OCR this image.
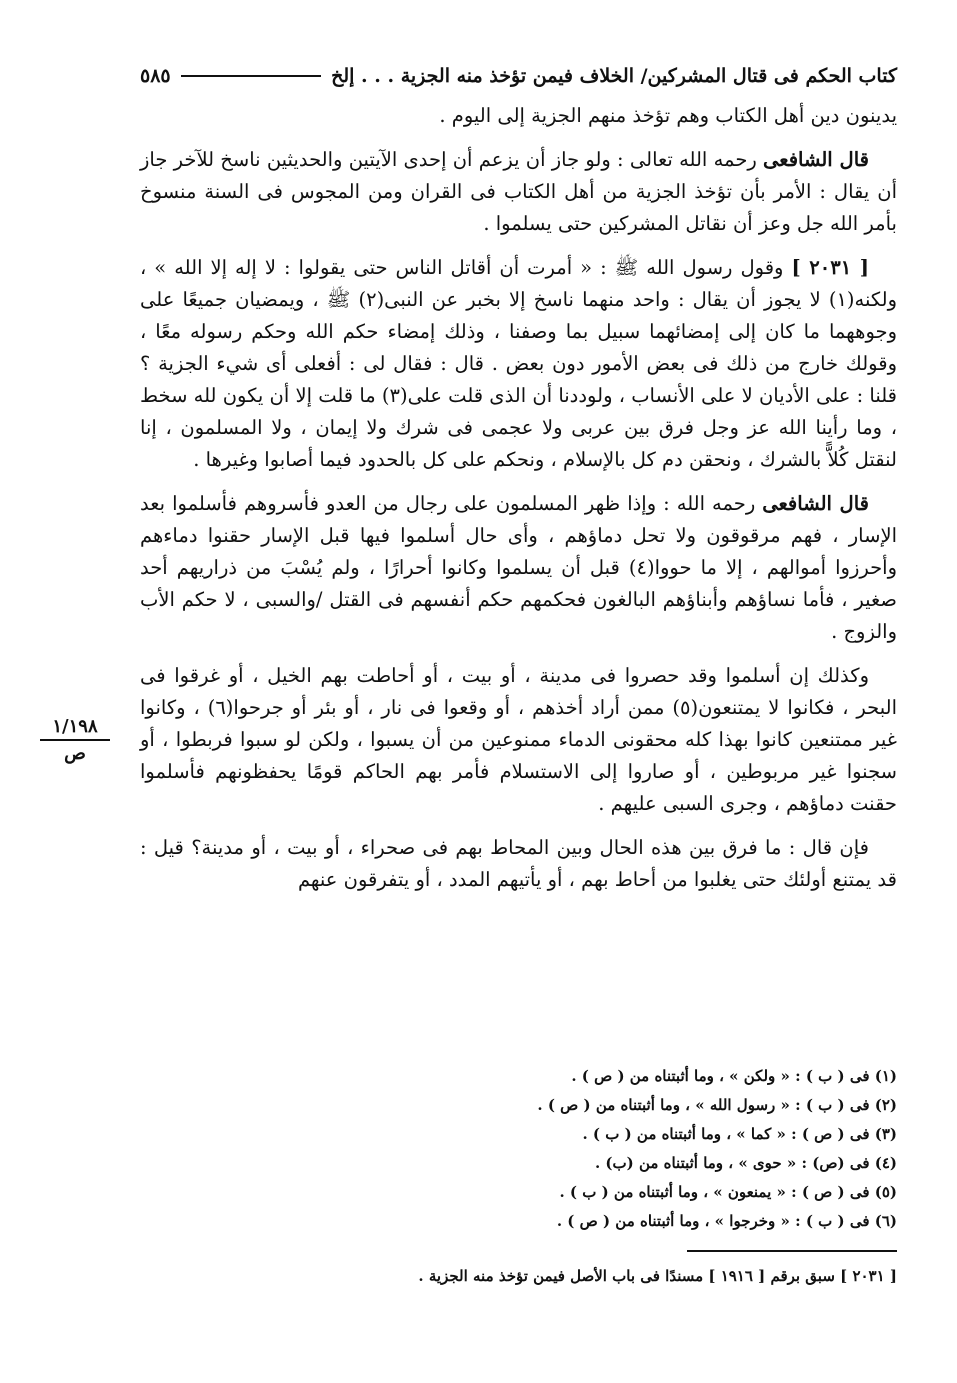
كتاب الحكم فى قتال المشركين/ الخلاف فيمن تؤخذ منه الجزية . . . إلخ
٥٨٥

يدينون دين أهل الكتاب وهم تؤخذ منهم الجزية إلى اليوم .

قال الشافعى رحمه الله تعالى : ولو جاز أن يزعم أن إحدى الآيتين والحديثين ناسخ للآخر جاز أن يقال : الأمر بأن تؤخذ الجزية من أهل الكتاب فى القران ومن المجوس فى السنة منسوخ بأمر الله جل وعز أن نقاتل المشركين حتى يسلموا .

[ ٢٠٣١ ] وقول رسول الله ﷺ : « أمرت أن أقاتل الناس حتى يقولوا : لا إله إلا الله » ، ولكنه(١) لا يجوز أن يقال : واحد منهما ناسخ إلا بخبر عن النبى(٢) ﷺ ، ويمضيان جميعًا على وجوههما ما كان إلى إمضائهما سبيل بما وصفنا ، وذلك إمضاء حكم الله وحكم رسوله معًا ، وقولك خارج من ذلك فى بعض الأمور دون بعض . قال : فقال لى : أفعلى أى شيء الجزية ؟ قلنا : على الأديان لا على الأنساب ، ولوددنا أن الذى قلت على(٣) ما قلت إلا أن يكون لله سخط ، وما رأينا الله عز وجل فرق بين عربى ولا عجمى فى شرك ولا إيمان ، ولا المسلمون ، إنا لنقتل كُلاًّ بالشرك ، ونحقن دم كل بالإسلام ، ونحكم على كل بالحدود فيما أصابوا وغيرها .

قال الشافعى رحمه الله : وإذا ظهر المسلمون على رجال من العدو فأسروهم فأسلموا بعد الإسار ، فهم مرقوقون ولا تحل دماؤهم ، وأى حال أسلموا فيها قبل الإسار حقنوا دماءهم وأحرزوا أموالهم ، إلا ما حووا(٤) قبل أن يسلموا وكانوا أحرارًا ، ولم يُسْبَ من ذراريهم أحد صغير ، فأما نساؤهم وأبناؤهم البالغون فحكمهم حكم أنفسهم فى القتل /والسبى ، لا حكم الأب والزوج .

وكذلك إن أسلموا وقد حصروا فى مدينة ، أو بيت ، أو أحاطت بهم الخيل ، أو غرقوا فى البحر ، فكانوا لا يمتنعون(٥) ممن أراد أخذهم ، أو وقعوا فى نار ، أو بئر أو جرحوا(٦) ، وكانوا غير ممتنعين كانوا بهذا كله محقونى الدماء ممنوعين من أن يسبوا ، ولكن لو سبوا فربطوا ، أو سجنوا غير مربوطين ، أو صاروا إلى الاستسلام فأمر بهم الحاكم قومًا يحفظونهم فأسلموا حقنت دماؤهم ، وجرى السبى عليهم .

فإن قال : ما فرق بين هذه الحال وبين المحاط بهم فى صحراء ، أو بيت ، أو مدينة؟ قيل : قد يمتنع أولئك حتى يغلبوا من أحاط بهم ، أو يأتيهم المدد ، أو يتفرقون عنهم

١/١٩٨
ص
(١) فى ( ب ) : « ولكن » ، وما أثبتناه من ( ص ) .
(٢) فى ( ب ) : « رسول الله » ، وما أثبتناه من ( ص ) .
(٣) فى ( ص ) : « كما » ، وما أثبتناه من ( ب ) .
(٤) فى (ص) : « حوى » ، وما أثبتناه من (ب) .
(٥) فى ( ص ) : « يمنعون » ، وما أثبتناه من ( ب ) .
(٦) فى ( ب ) : « وخرجوا » ، وما أثبتناه من ( ص ) .
[ ٢٠٣١ ] سبق برقم [ ١٩١٦ ] مسندًا فى باب الأصل فيمن تؤخذ منه الجزية .
